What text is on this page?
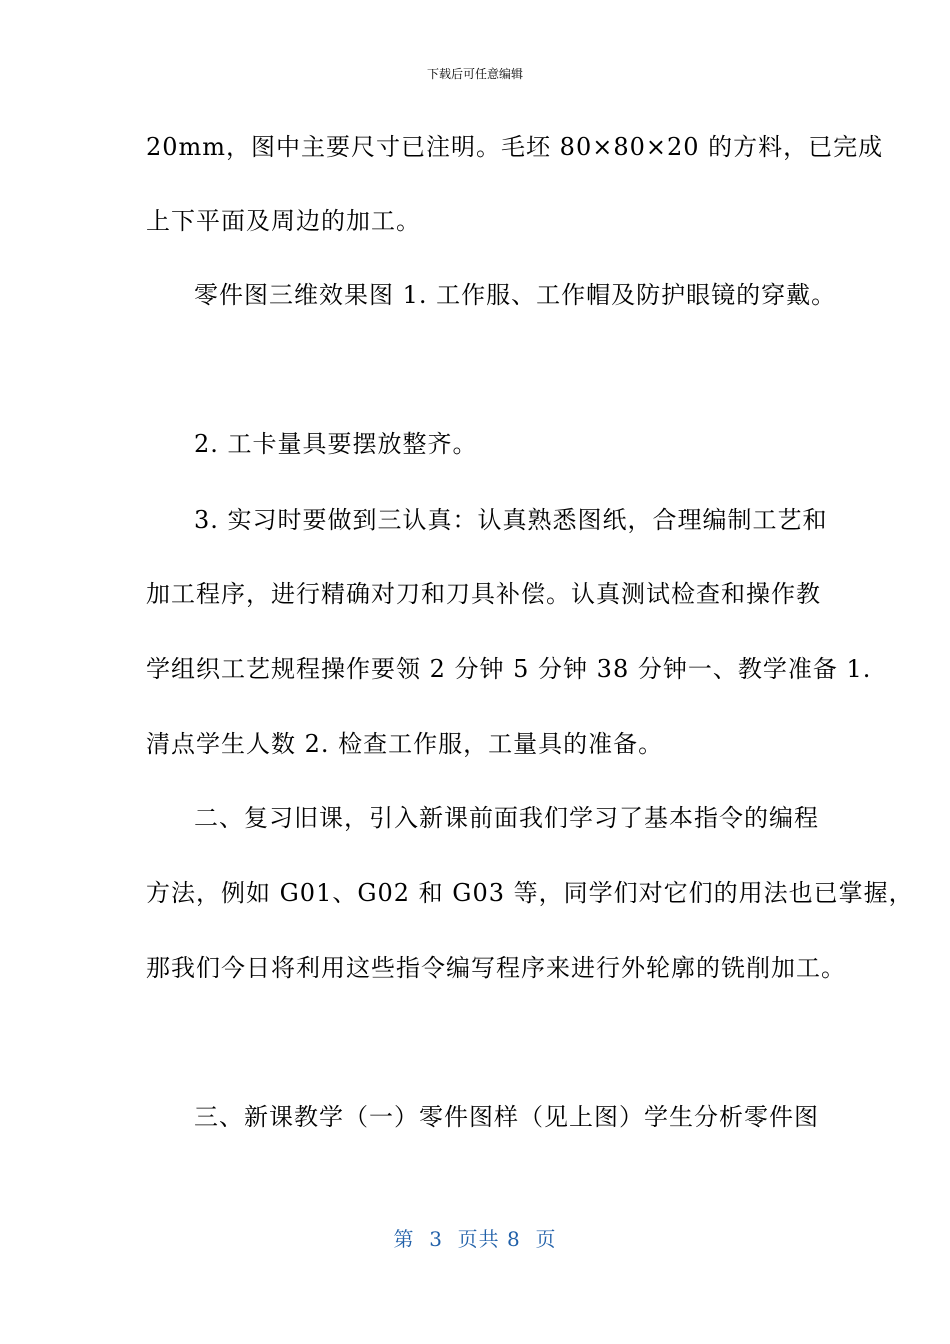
下载后可任意编辑
20mm，图中主要尺寸已注明。毛坯 80×80×20 的方料，已完成
上下平面及周边的加工。
零件图三维效果图 1. 工作服、工作帽及防护眼镜的穿戴。
2. 工卡量具要摆放整齐。
3. 实习时要做到三认真：认真熟悉图纸，合理编制工艺和
加工程序，进行精确对刀和刀具补偿。认真测试检查和操作教
学组织工艺规程操作要领 2 分钟 5 分钟 38 分钟一、教学准备 1.
清点学生人数 2. 检查工作服，工量具的准备。
二、复习旧课，引入新课前面我们学习了基本指令的编程
方法，例如 G01、G02 和 G03 等，同学们对它们的用法也已掌握，
那我们今日将利用这些指令编写程序来进行外轮廓的铣削加工。
三、新课教学（一）零件图样（见上图）学生分析零件图
第  3  页共 8  页
